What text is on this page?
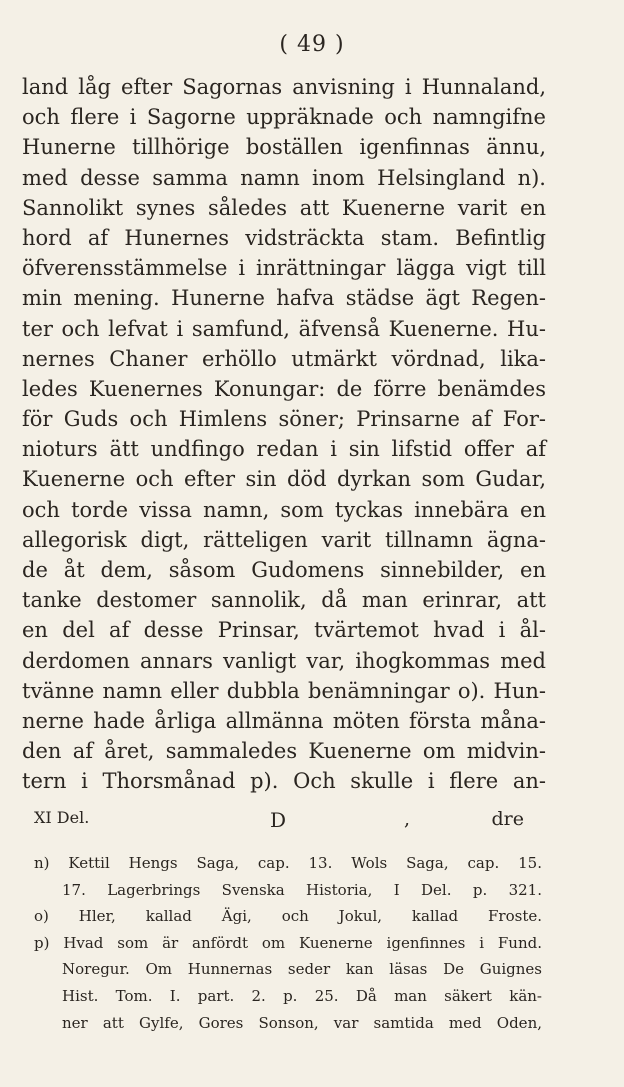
( 49 )
land låg efter Sagornas anvisning i Hunnaland,
och flere i Sagorne uppräknade och namngifne
Hunerne tillhörige boställen igenfinnas ännu,
med desse samma namn inom Helsingland n).
Sannolikt synes således att Kuenerne varit en
hord af Hunernes vidsträckta stam. Befintlig
öfverensstämmelse i inrättningar lägga vigt till
min mening. Hunerne hafva städse ägt Regen-
ter och lefvat i samfund, äfvenså Kuenerne. Hu-
nernes Chaner erhöllo utmärkt vördnad, lika-
ledes Kuenernes Konungar: de förre benämdes
för Guds och Himlens söner; Prinsarne af For-
nioturs ätt undfingo redan i sin lifstid offer af
Kuenerne och efter sin död dyrkan som Gudar,
och torde vissa namn, som tyckas innebära en
allegorisk digt, rätteligen varit tillnamn ägna-
de åt dem, såsom Gudomens sinnebilder, en
tanke destomer sannolik, då man erinrar, att
en del af desse Prinsar, tvärtemot hvad i ål-
derdomen annars vanligt var, ihogkommas med
tvänne namn eller dubbla benämningar o). Hun-
nerne hade årliga allmänna möten första måna-
den af året, sammaledes Kuenerne om midvin-
tern i Thorsmånad p). Och skulle i flere an-
XI Del.	D	,	dre
n) Kettil Hengs Saga, cap. 13. Wols Saga, cap. 15.
17. Lagerbrings Svenska Historia, I Del. p. 321.
o) Hler, kallad Ägi, och Jokul, kallad Froste.
p) Hvad som är anfördt om Kuenerne igenfinnes i Fund.
Noregur. Om Hunnernas seder kan läsas De Guignes
Hist. Tom. I. part. 2. p. 25. Då man säkert kän-
ner att Gylfe, Gores Sonson, var samtida med Oden,
